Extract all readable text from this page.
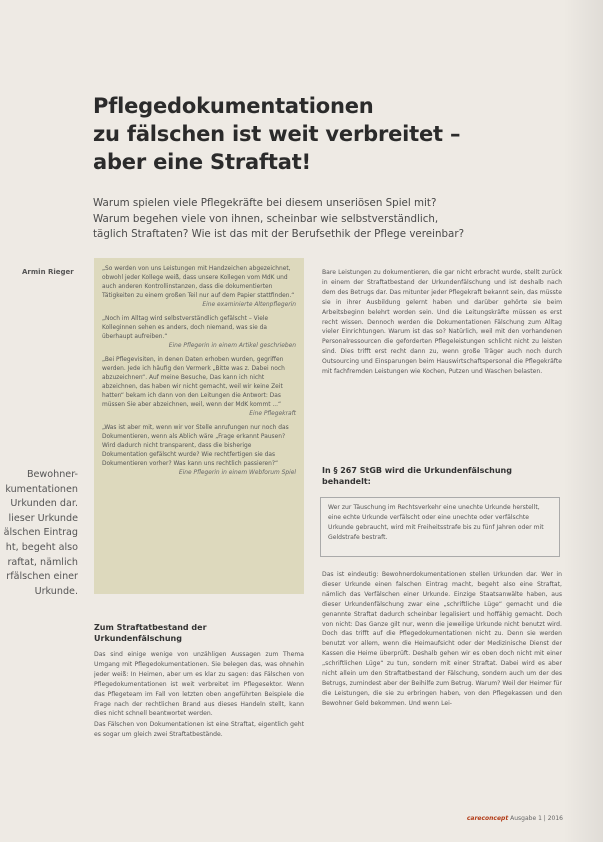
Pflegedokumentationen
zu fälschen ist weit verbreitet –
aber eine Straftat!
Warum spielen viele Pflegekräfte bei diesem unseriösen Spiel mit?
Warum begehen viele von ihnen, scheinbar wie selbstverständlich,
täglich Straftaten? Wie ist das mit der Berufsethik der Pflege vereinbar?
Armin Rieger
Bewohner-
kumentationen
Urkunden dar.
lieser Urkunde
älschen Eintrag
ht, begeht also
raftat, nämlich
rfälschen einer
Urkunde.
„So werden von uns Leistungen mit Handzeichen abgezeichnet, obwohl jeder Kollege weiß, dass unsere Kollegen vom MdK und auch anderen Kontrollinstanzen, dass die dokumentierten Tätigkeiten zu einem großen Teil nur auf dem Papier stattfinden.“
Eine examinierte Altenpflegerin
„Noch im Alltag wird selbstverständlich gefälscht – Viele Kolleginnen sehen es anders, doch niemand, was sie da überhaupt aufreiben.“
Eine Pflegerin in einem Artikel geschrieben
„Bei Pflegevisiten, in denen Daten erhoben wurden, gegriffen werden. Jede ich häufig den Vermerk „Bitte was z. Dabei noch abzuzeichnen“. Auf meine Besuche, Das kann ich nicht abzeichnen, das haben wir nicht gemacht, weil wir keine Zeit hatten“ bekam ich dann von den Leitungen die Antwort: Das müssen Sie aber abzeichnen, weil, wenn der MdK kommt ...“
Eine Pflegekraft
„Was ist aber mit, wenn wir vor Stelle anrufungen nur noch das Dokumentieren, wenn als Ablich wäre „Frage erkannt Pausen? Wird dadurch nicht transparent, dass die bisherige Dokumentation gefälscht wurde? Wie rechtfertigen sie das Dokumentieren vorher? Was kann uns rechtlich passieren?“
Eine Pflegerin in einem Webforum Spiel
Zum Straftatbestand der Urkundenfälschung

Das sind einige wenige von unzähligen Aussagen zum Thema Umgang mit Pflegedokumentationen. Sie belegen das, was ohnehin jeder weiß: In Heimen, aber um es klar zu sagen: das Fälschen von Pflegedokumentationen ist weit verbreitet im Pflegesektor. Wenn das Pflegeteam im Fall von letzten oben angeführten Beispiele die Frage nach der rechtlichen Brand aus dieses Handeln stellt, kann dies nicht schnell beantwortet werden.

Das Fälschen von Dokumentationen ist eine Straftat, eigentlich geht es sogar um gleich zwei Straftatbestände.

Bare Leistungen zu dokumentieren, die gar nicht erbracht wurde, stellt zurück in einem der Straftatbestand der Urkundenfälschung und ist deshalb nach dem des Betrugs dar. Das mitunter jeder Pflegekraft bekannt sein, das müsste sie in ihrer Ausbildung gelernt haben und darüber gehörte sie beim Arbeitsbeginn belehrt worden sein. Und die Leitungskräfte müssen es erst recht wissen. Dennoch werden die Dokumentationen Fälschung zum Alltag vieler Einrichtungen. Warum ist das so? Natürlich, weil mit den vorhandenen Personalressourcen die geforderten Pflegeleistungen schlicht nicht zu leisten sind. Dies trifft erst recht dann zu, wenn große Träger auch noch durch Outsourcing und Einsparungen beim Hauswirtschaftspersonal die Pflegekräfte mit fachfremden Leistungen wie Kochen, Putzen und Waschen belasten.

In § 267 StGB wird die Urkundenfälschung behandelt:
Wer zur Täuschung im Rechtsverkehr eine unechte Urkunde herstellt, eine echte Urkunde verfälscht oder eine unechte oder verfälschte Urkunde gebraucht, wird mit Freiheitsstrafe bis zu fünf Jahren oder mit Geldstrafe bestraft.

Das ist eindeutig: Bewohnerdokumentationen stellen Urkunden dar. Wer in dieser Urkunde einen falschen Eintrag macht, begeht also eine Straftat, nämlich das Verfälschen einer Urkunde. Einzige Staatsanwälte haben, aus dieser Urkundenfälschung zwar eine „schriftliche Lüge“ gemacht und die genannte Straftat dadurch scheinbar legalisiert und hoffähig gemacht. Doch von nicht: Das Ganze gilt nur, wenn die jeweilige Urkunde nicht benutzt wird. Doch das trifft auf die Pflegedokumentationen nicht zu. Denn sie werden benutzt vor allem, wenn die Heimaufsicht oder der Medizinische Dienst der Kassen die Heime überprüft. Deshalb gehen wir es oben doch nicht mit einer „schriftlichen Lüge“ zu tun, sondern mit einer Straftat. Dabei wird es aber nicht allein um den Straftatbestand der Fälschung, sondern auch um der des Betrugs, zumindest aber der Beihilfe zum Betrug. Warum? Weil der Heimer für die Leistungen, die sie zu erbringen haben, von den Pflegekassen und den Bewohner Geld bekommen. Und wenn Lei-

careconcept Ausgabe 1 | 2016
